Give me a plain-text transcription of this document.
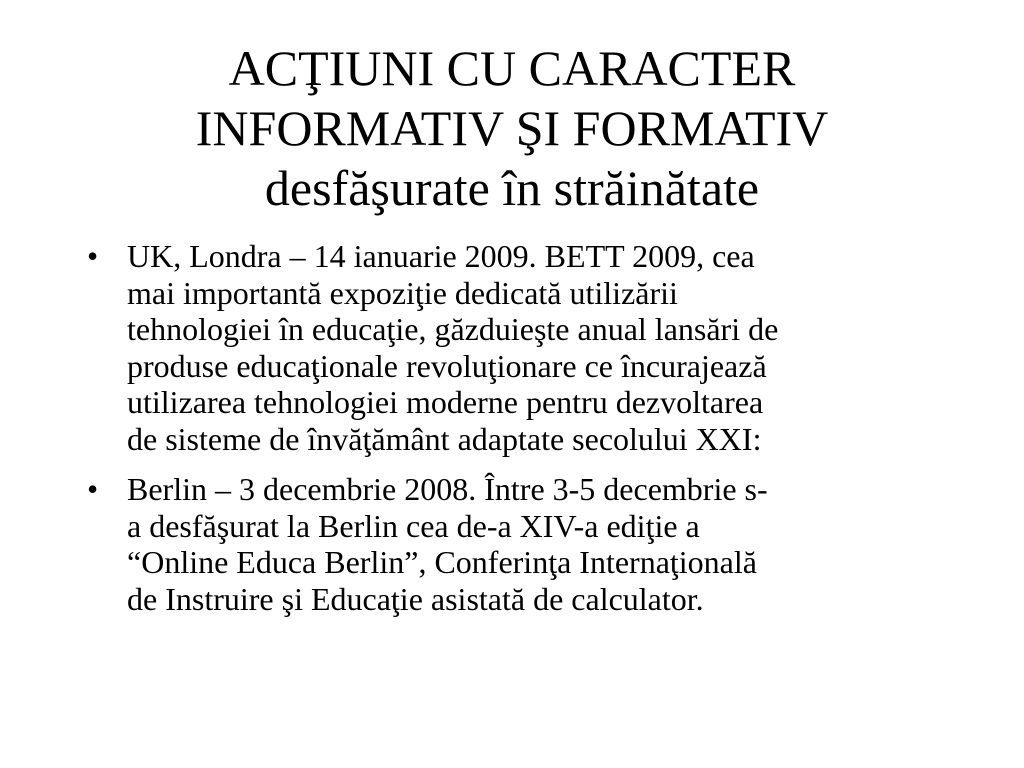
ACŢIUNI CU CARACTER
INFORMATIV ŞI FORMATIV
desfăşurate în străinătate
• UK, Londra – 14 ianuarie 2009. BETT 2009, cea
mai importantă expoziţie dedicată utilizării
tehnologiei în educaţie, găzduieşte anual lansări de
produse educaţionale revoluţionare ce încurajează
utilizarea tehnologiei moderne pentru dezvoltarea
de sisteme de învăţământ adaptate secolului XXI:
• Berlin – 3 decembrie 2008. Între 3-5 decembrie s-
a desfăşurat la Berlin cea de-a XIV-a ediţie a
“Online Educa Berlin”, Conferinţa Internaţională
de Instruire şi Educaţie asistată de calculator.
